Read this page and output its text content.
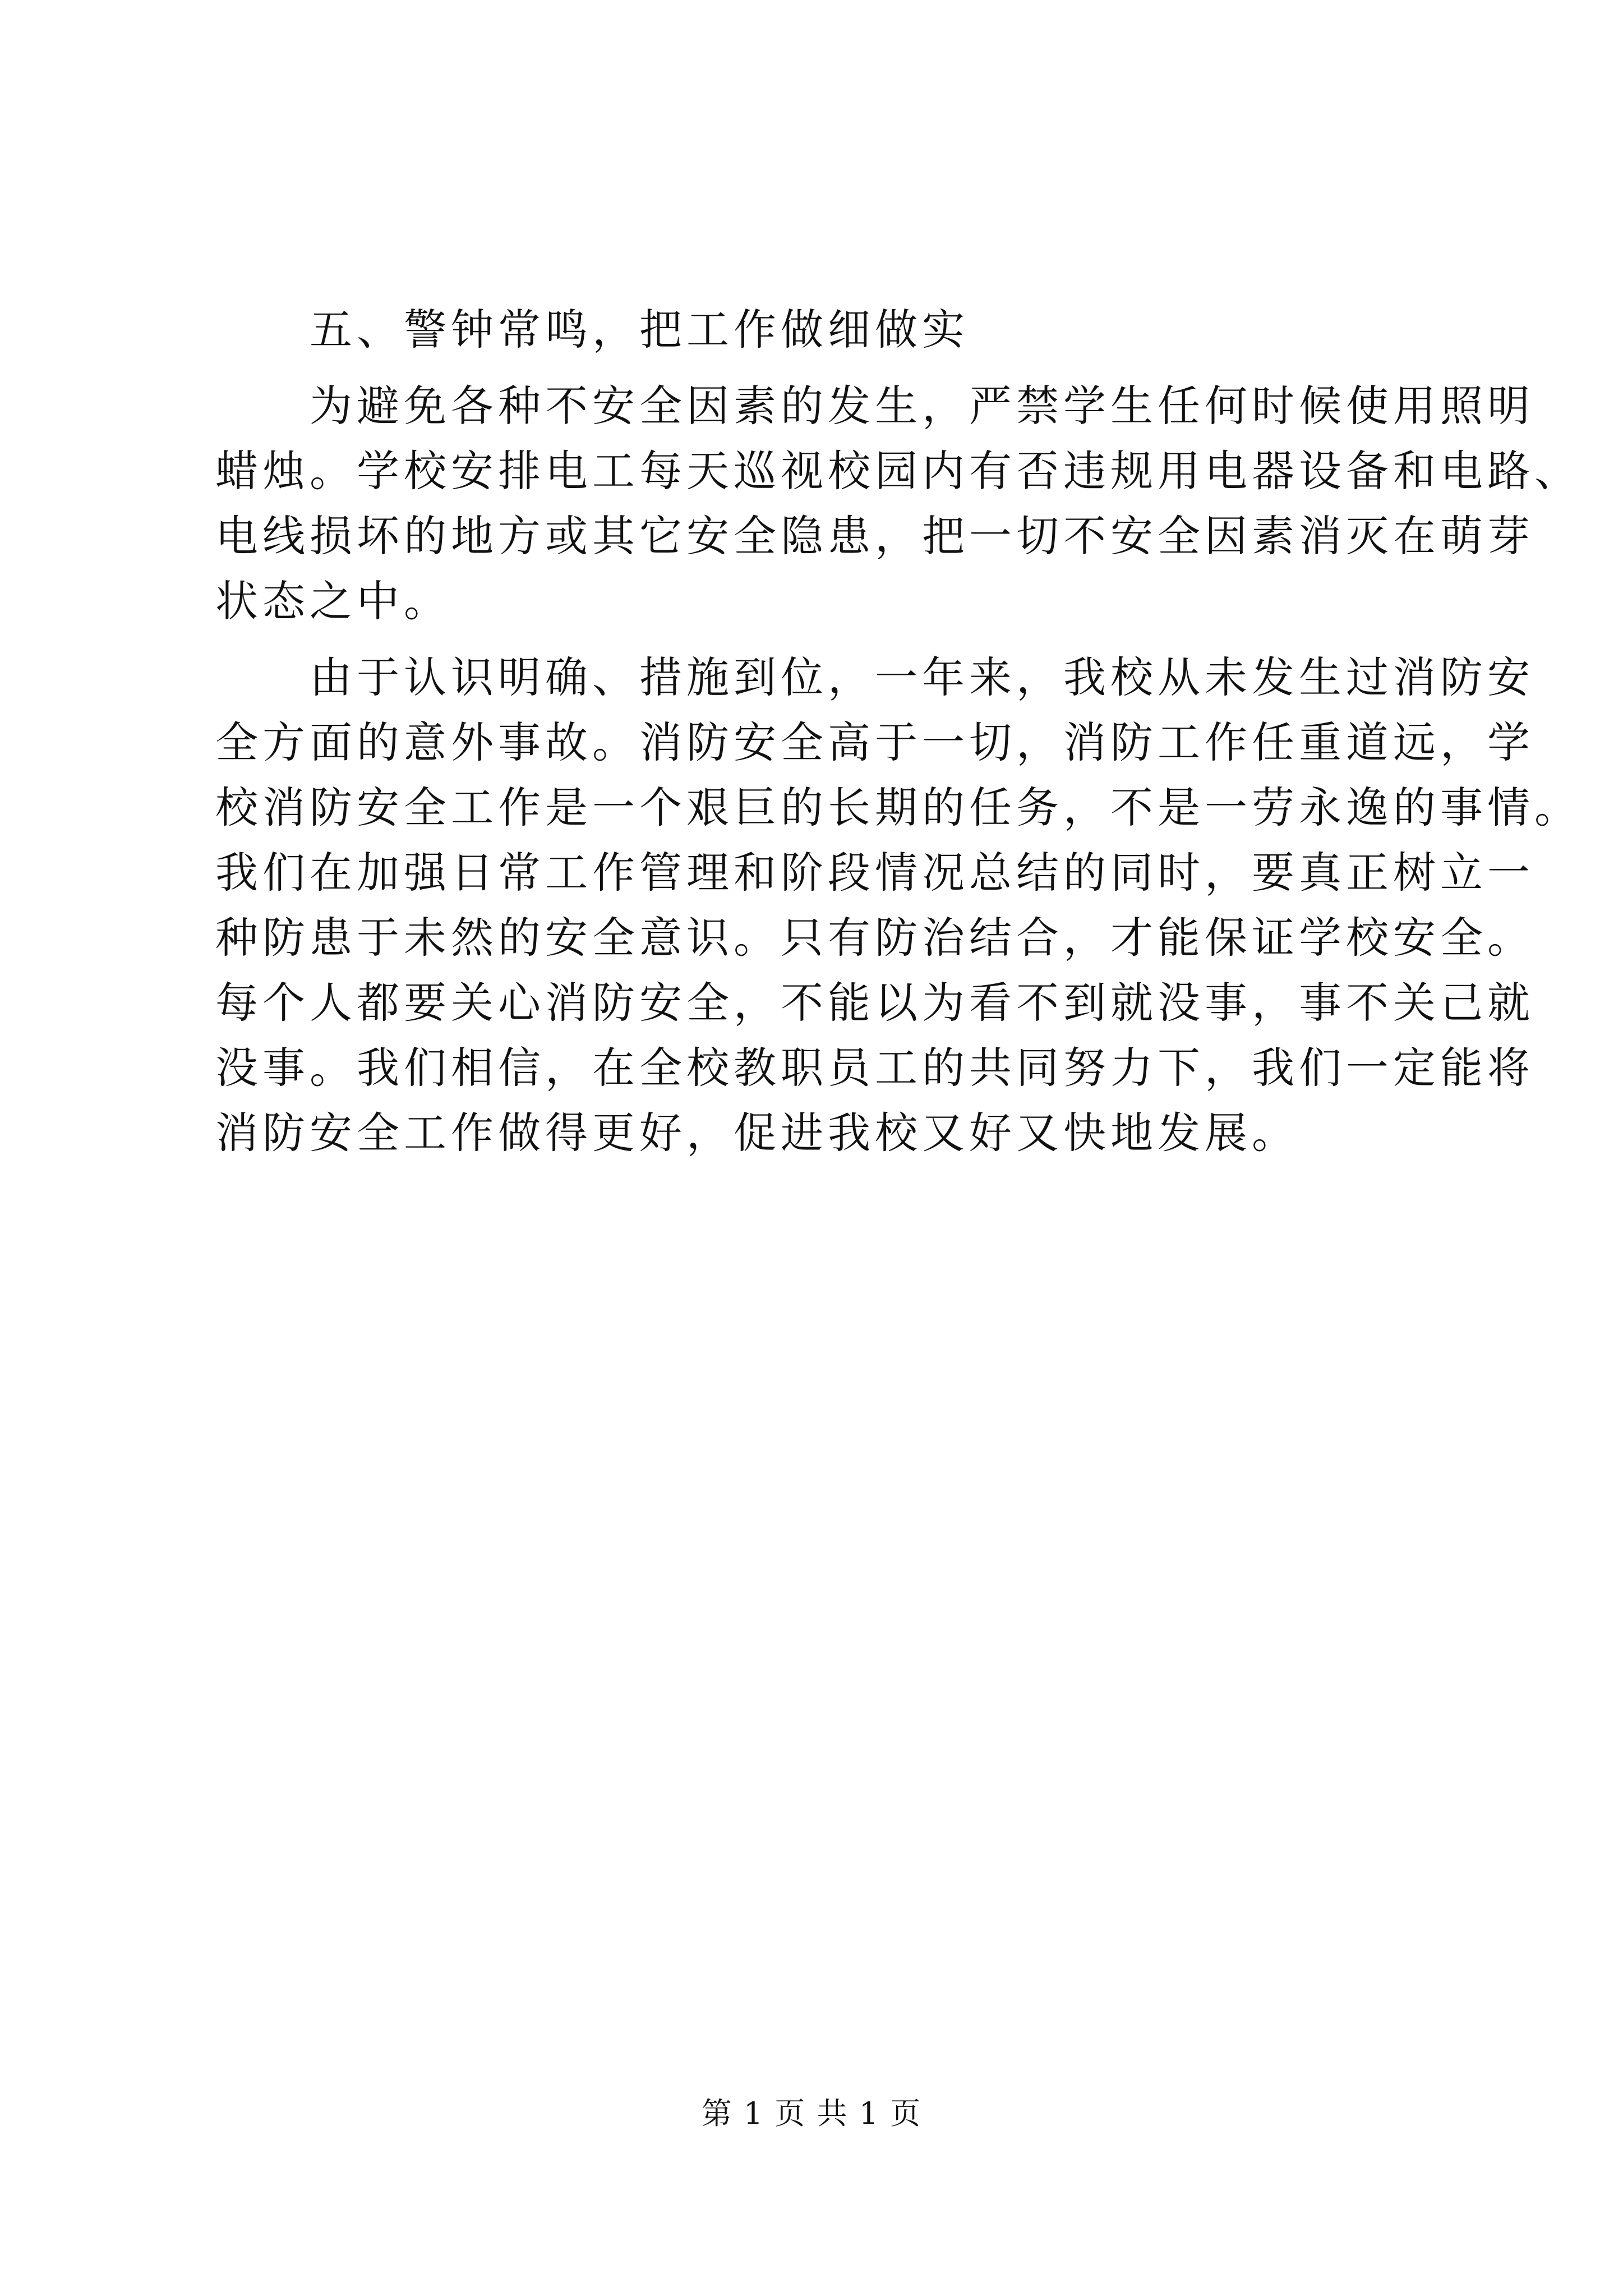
五、警钟常鸣，把工作做细做实

为避免各种不安全因素的发生，严禁学生任何时候使用照明

蜡烛。学校安排电工每天巡视校园内有否违规用电器设备和电路、

电线损坏的地方或其它安全隐患，把一切不安全因素消灭在萌芽

状态之中。

由于认识明确、措施到位，一年来，我校从未发生过消防安

全方面的意外事故。消防安全高于一切，消防工作任重道远，学

校消防安全工作是一个艰巨的长期的任务，不是一劳永逸的事情。

我们在加强日常工作管理和阶段情况总结的同时，要真正树立一

种防患于未然的安全意识。只有防治结合，才能保证学校安全。

每个人都要关心消防安全，不能以为看不到就没事，事不关己就

没事。我们相信，在全校教职员工的共同努力下，我们一定能将

消防安全工作做得更好，促进我校又好又快地发展。

第 1 页 共 1 页
